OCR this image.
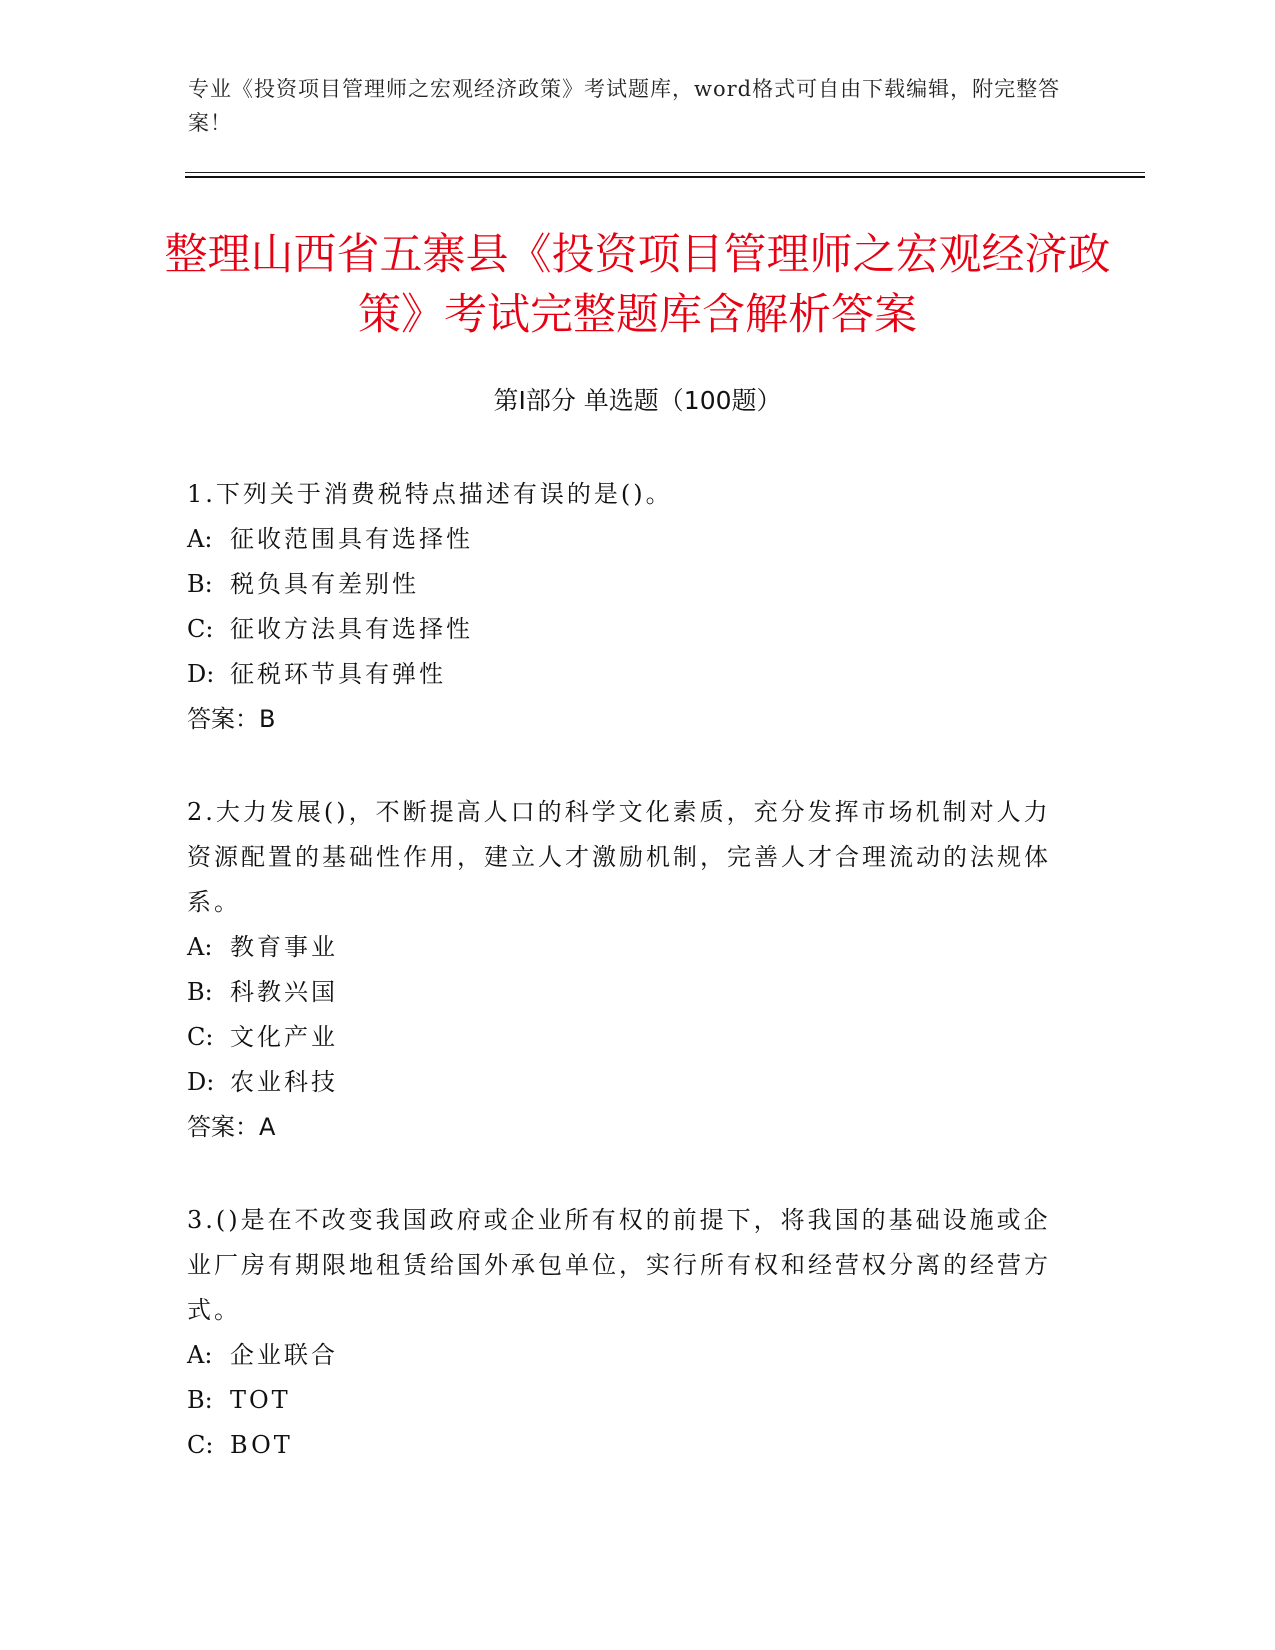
专业《投资项目管理师之宏观经济政策》考试题库，word格式可自由下载编辑，附完整答案！
整理山西省五寨县《投资项目管理师之宏观经济政策》考试完整题库含解析答案
第Ⅰ部分 单选题（100题）

1.下列关于消费税特点描述有误的是()。

A: 征收范围具有选择性

B: 税负具有差别性

C: 征收方法具有选择性

D: 征税环节具有弹性

答案：B

2.大力发展()，不断提高人口的科学文化素质，充分发挥市场机制对人力资源配置的基础性作用，建立人才激励机制，完善人才合理流动的法规体系。

A: 教育事业

B: 科教兴国

C: 文化产业

D: 农业科技

答案：A

3.()是在不改变我国政府或企业所有权的前提下，将我国的基础设施或企业厂房有期限地租赁给国外承包单位，实行所有权和经营权分离的经营方式。

A: 企业联合

B: TOT

C: BOT
